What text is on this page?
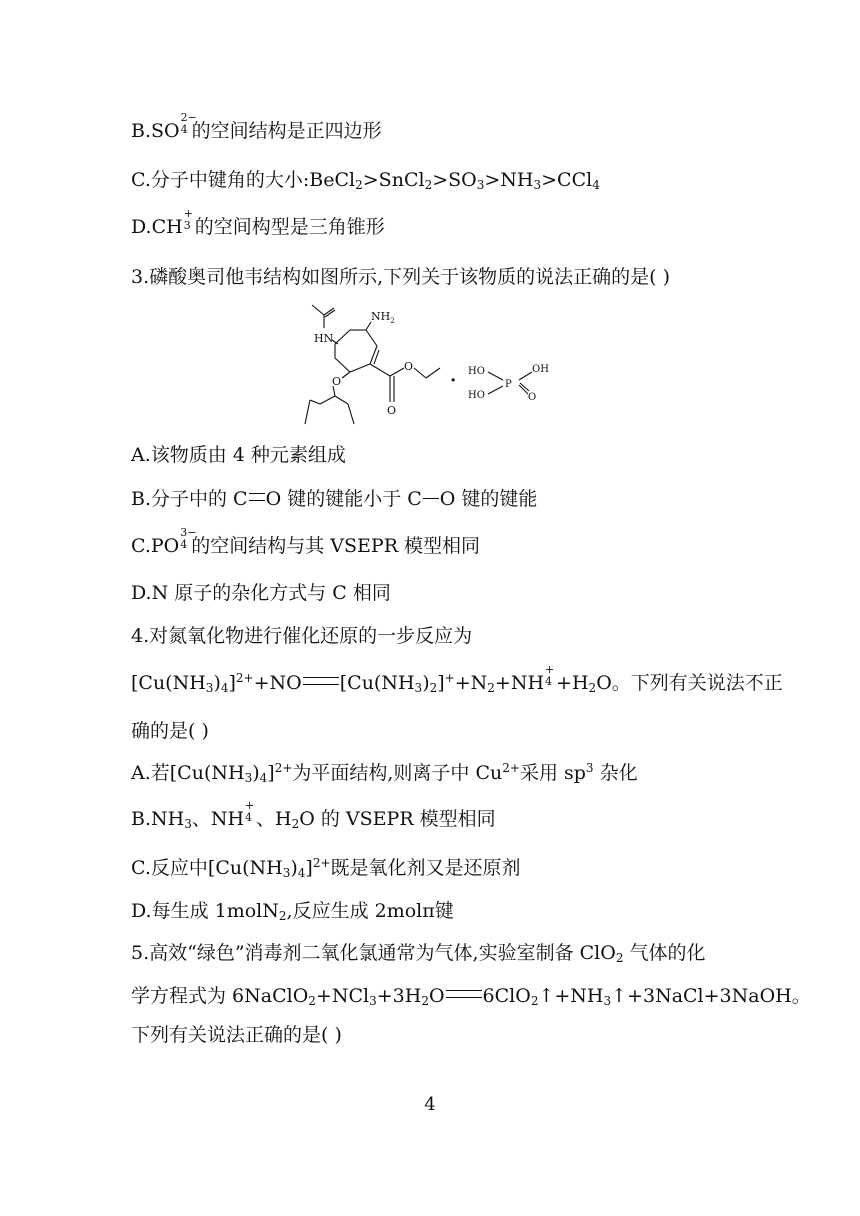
B.SO
2−
4 的空间结构是正四边形
C.分子中键角的大小$:BeCl_2>SnCl_2>SO_3>NH_3>CCl_4$
D.CH
+
3 的空间构型是三角锥形
3.磷酸奥司他韦结构如图所示,下列关于该物质的说法正确的是( )
$NH_2$
HN
O
O
O
· HO	OH
P
HO	O
A.该物质由 4 种元素组成
B.分子中的 C O 键的键能小于 C O 键的键能
C.PO
3−
4 的空间结构与其 VSEPR 模型相同
D.N 原子的杂化方式与 C 相同
4.对氮氧化物进行催化还原的一步反应为
$[Cu(NH_3)_4]^{2+}+NO$ $[Cu(NH_3)_2]^++N_2+NH$
+
$4 +H_2O$。下列有关说法不正
确的是( )
A.若$[Cu(NH_3)_4]^{2+}$为平面结构,则离子中 $Cu^{2+}$采用 $sp^3$ 杂化
$B.NH_3$、NH
+
4 、$H_2O$ 的 VSEPR 模型相同
C.反应中$[Cu(NH_3)_4]^{2+}$既是氧化剂又是还原剂
D.每生成 1molN$_2$,反应生成 2molπ键
5.高效“绿色”消毒剂二氧化氯通常为气体,实验室制备 ClO$_2$ 气体的化
学方程式为 $6NaClO_2+NCl_3+3H_2O$ $6ClO_2↑+NH_3↑+3NaCl+3NaOH$。
下列有关说法正确的是( )
4
